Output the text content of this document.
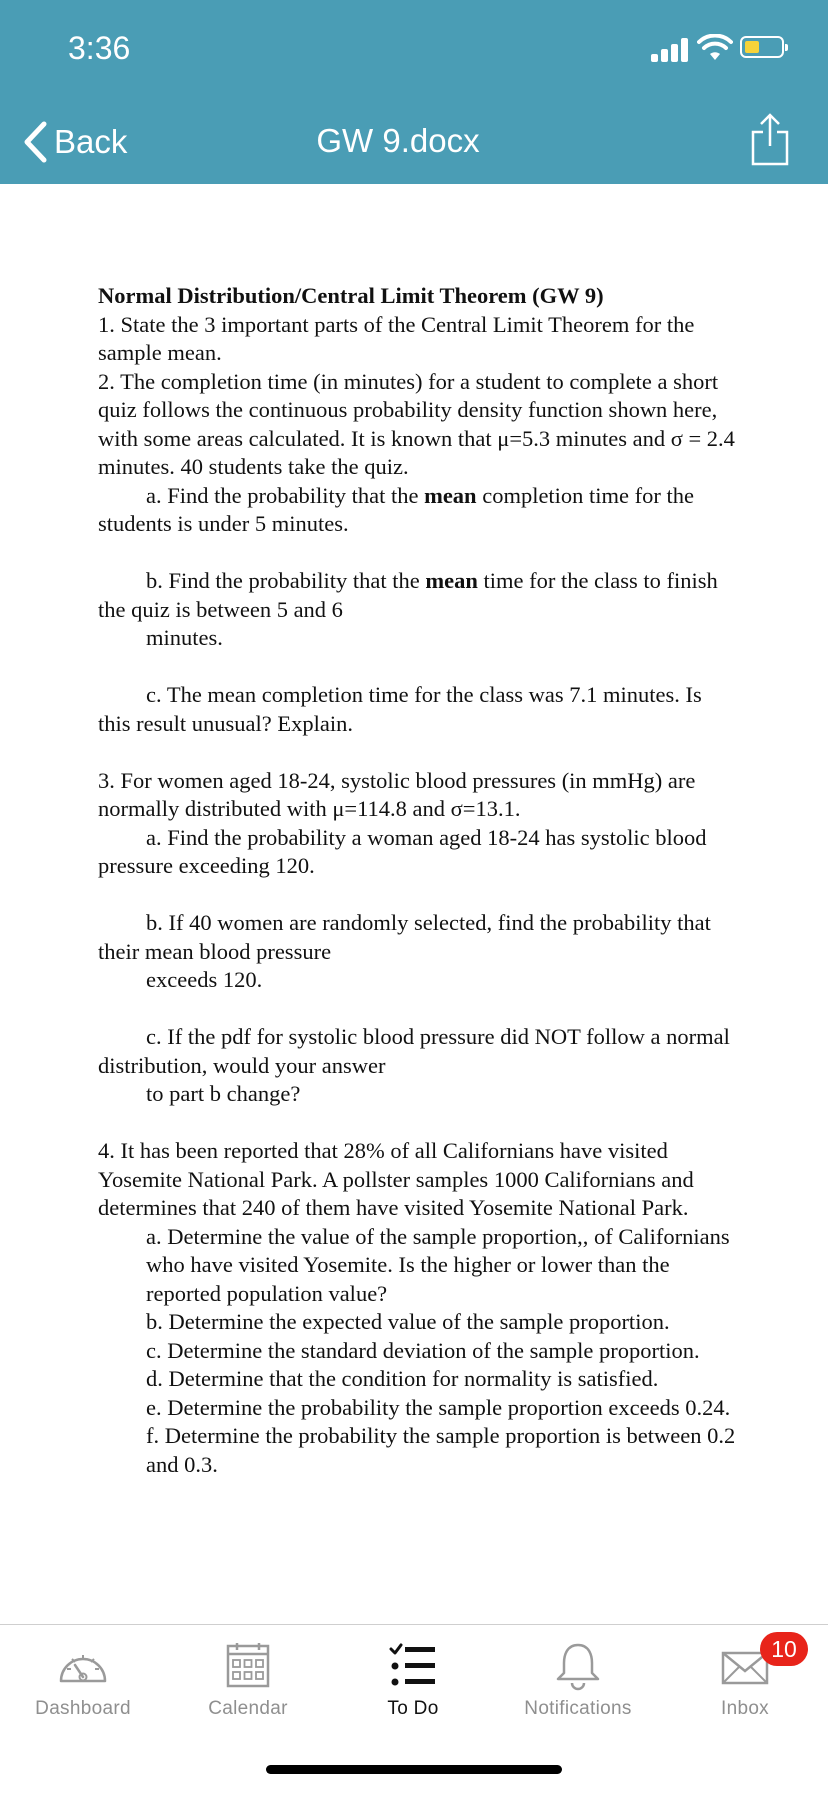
3:36
Back	GW 9.docx

Normal Distribution/Central Limit Theorem (GW 9)

1. State the 3 important parts of the Central Limit Theorem for the sample mean.

2. The completion time (in minutes) for a student to complete a short quiz follows the continuous probability density function shown here, with some areas calculated. It is known that μ=5.3 minutes and σ = 2.4 minutes. 40 students take the quiz.

a. Find the probability that the mean completion time for the students is under 5 minutes.

b. Find the probability that the mean time for the class to finish the quiz is between 5 and 6

minutes.

c. The mean completion time for the class was 7.1 minutes. Is this result unusual? Explain.

3. For women aged 18-24, systolic blood pressures (in mmHg) are normally distributed with μ=114.8 and σ=13.1.

a. Find the probability a woman aged 18-24 has systolic blood pressure exceeding 120.

b. If 40 women are randomly selected, find the probability that their mean blood pressure

exceeds 120.

c. If the pdf for systolic blood pressure did NOT follow a normal distribution, would your answer

to part b change?

4. It has been reported that 28% of all Californians have visited Yosemite National Park. A pollster samples 1000 Californians and determines that 240 of them have visited Yosemite National Park.

a. Determine the value of the sample proportion,, of Californians who have visited Yosemite. Is the higher or lower than the reported population value?

b. Determine the expected value of the sample proportion.

c. Determine the standard deviation of the sample proportion.

d. Determine that the condition for normality is satisfied.

e. Determine the probability the sample proportion exceeds 0.24.

f. Determine the probability the sample proportion is between 0.2 and 0.3.

Dashboard	Calendar	To Do	Notifications	Inbox
10
